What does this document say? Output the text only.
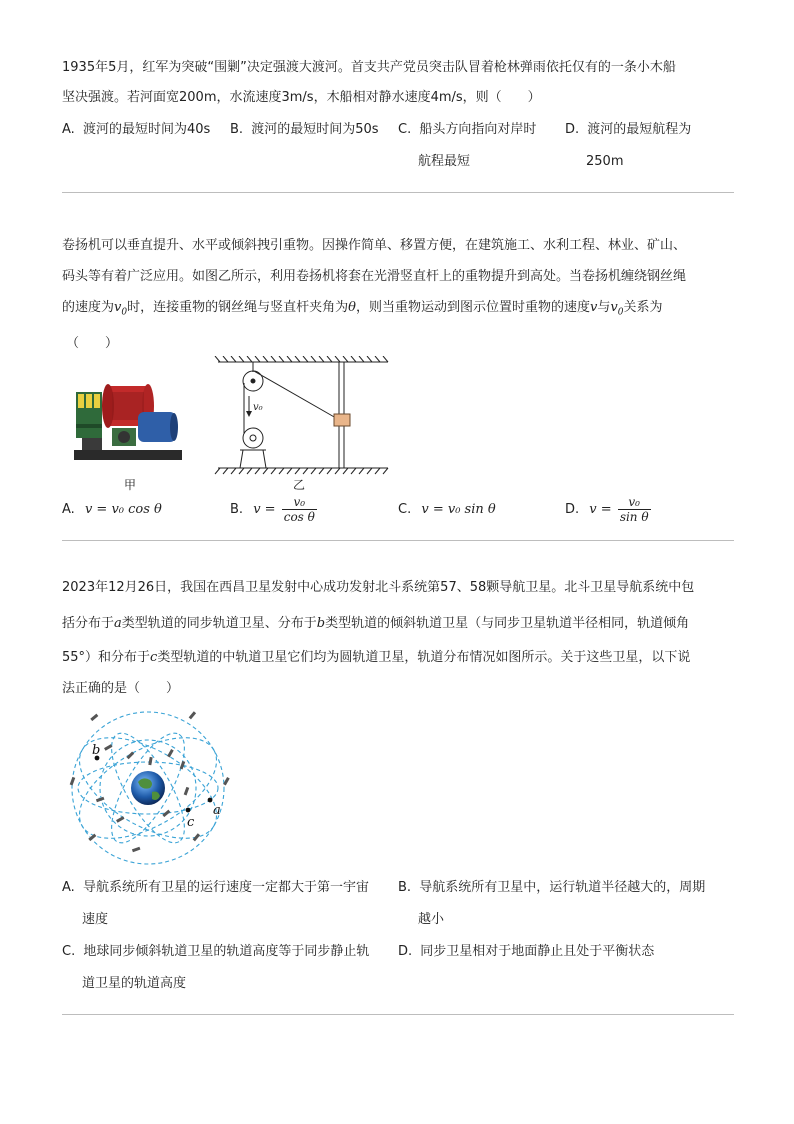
1935年5月，红军为突破“围剿”决定强渡大渡河。首支共产党员突击队冒着枪林弹雨依托仅有的一条小木船
坚决强渡。若河面宽200m，水流速度3m/s，木船相对静水速度4m/s，则（　　）
A. 渡河的最短时间为40s B. 渡河的最短时间为50s C. 船头方向指向对岸时
航程最短
D. 渡河的最短航程为
250m
卷扬机可以垂直提升、水平或倾斜拽引重物。因操作简单、移置方便，在建筑施工、水利工程、林业、矿山、
码头等有着广泛应用。如图乙所示，利用卷扬机将套在光滑竖直杆上的重物提升到高处。当卷扬机缠绕钢丝绳
的速度为$v_0$时，连接重物的钢丝绳与竖直杆夹角为θ，则当重物运动到图示位置时重物的速度v与$v_0$关系为
（　　）
甲
v₀
乙
A. v = v₀ cos θ	B. $v = \frac{\text{v₀}}{\text{cos θ}}$	C. v = v₀ sin θ	D. $v = \frac{\text{v₀}}{\text{sin θ}}$
2023年12月26日，我国在西昌卫星发射中心成功发射北斗系统第57、58颗导航卫星。北斗卫星导航系统中包
括分布于a类型轨道的同步轨道卫星、分布于b类型轨道的倾斜轨道卫星（与同步卫星轨道半径相同，轨道倾角
55°）和分布于c类型轨道的中轨道卫星它们均为圆轨道卫星，轨道分布情况如图所示。关于这些卫星，以下说
法正确的是（　　）
b
a
c
A. 导航系统所有卫星的运行速度一定都大于第一宇宙
速度
B. 导航系统所有卫星中，运行轨道半径越大的，周期
越小
C. 地球同步倾斜轨道卫星的轨道高度等于同步静止轨
道卫星的轨道高度
D. 同步卫星相对于地面静止且处于平衡状态
